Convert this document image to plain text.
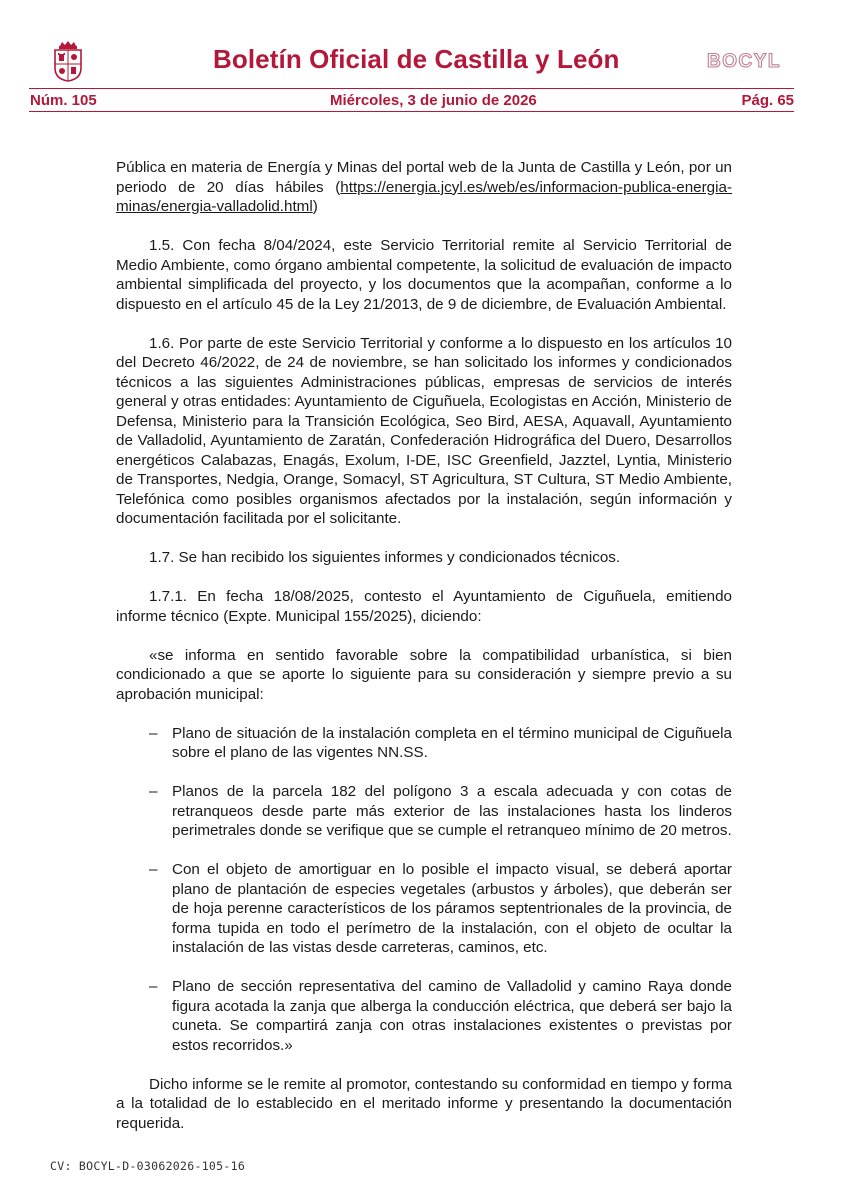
Boletín Oficial de Castilla y León	BOCYL
Núm. 105	Miércoles, 3 de junio de 2026	Pág. 65

Pública en materia de Energía y Minas del portal web de la Junta de Castilla y León, por un periodo de 20 días hábiles (https://energia.jcyl.es/web/es/informacion-publica-energia-minas/energia-valladolid.html)

1.5. Con fecha 8/04/2024, este Servicio Territorial remite al Servicio Territorial de Medio Ambiente, como órgano ambiental competente, la solicitud de evaluación de impacto ambiental simplificada del proyecto, y los documentos que la acompañan, conforme a lo dispuesto en el artículo 45 de la Ley 21/2013, de 9 de diciembre, de Evaluación Ambiental.

1.6. Por parte de este Servicio Territorial y conforme a lo dispuesto en los artículos 10 del Decreto 46/2022, de 24 de noviembre, se han solicitado los informes y condicionados técnicos a las siguientes Administraciones públicas, empresas de servicios de interés general y otras entidades: Ayuntamiento de Ciguñuela, Ecologistas en Acción, Ministerio de Defensa, Ministerio para la Transición Ecológica, Seo Bird, AESA, Aquavall, Ayuntamiento de Valladolid, Ayuntamiento de Zaratán, Confederación Hidrográfica del Duero, Desarrollos energéticos Calabazas, Enagás, Exolum, I-DE, ISC Greenfield, Jazztel, Lyntia, Ministerio de Transportes, Nedgia, Orange, Somacyl, ST Agricultura, ST Cultura, ST Medio Ambiente, Telefónica como posibles organismos afectados por la instalación, según información y documentación facilitada por el solicitante.

1.7. Se han recibido los siguientes informes y condicionados técnicos.

1.7.1. En fecha 18/08/2025, contesto el Ayuntamiento de Ciguñuela, emitiendo informe técnico (Expte. Municipal 155/2025), diciendo:

«se informa en sentido favorable sobre la compatibilidad urbanística, si bien condicionado a que se aporte lo siguiente para su consideración y siempre previo a su aprobación municipal:

– Plano de situación de la instalación completa en el término municipal de Ciguñuela sobre el plano de las vigentes NN.SS.
– Planos de la parcela 182 del polígono 3 a escala adecuada y con cotas de retranqueos desde parte más exterior de las instalaciones hasta los linderos perimetrales donde se verifique que se cumple el retranqueo mínimo de 20 metros.
– Con el objeto de amortiguar en lo posible el impacto visual, se deberá aportar plano de plantación de especies vegetales (arbustos y árboles), que deberán ser de hoja perenne característicos de los páramos septentrionales de la provincia, de forma tupida en todo el perímetro de la instalación, con el objeto de ocultar la instalación de las vistas desde carreteras, caminos, etc.
– Plano de sección representativa del camino de Valladolid y camino Raya donde figura acotada la zanja que alberga la conducción eléctrica, que deberá ser bajo la cuneta. Se compartirá zanja con otras instalaciones existentes o previstas por estos recorridos.»

Dicho informe se le remite al promotor, contestando su conformidad en tiempo y forma a la totalidad de lo establecido en el meritado informe y presentando la documentación requerida.

CV: BOCYL-D-03062026-105-16
